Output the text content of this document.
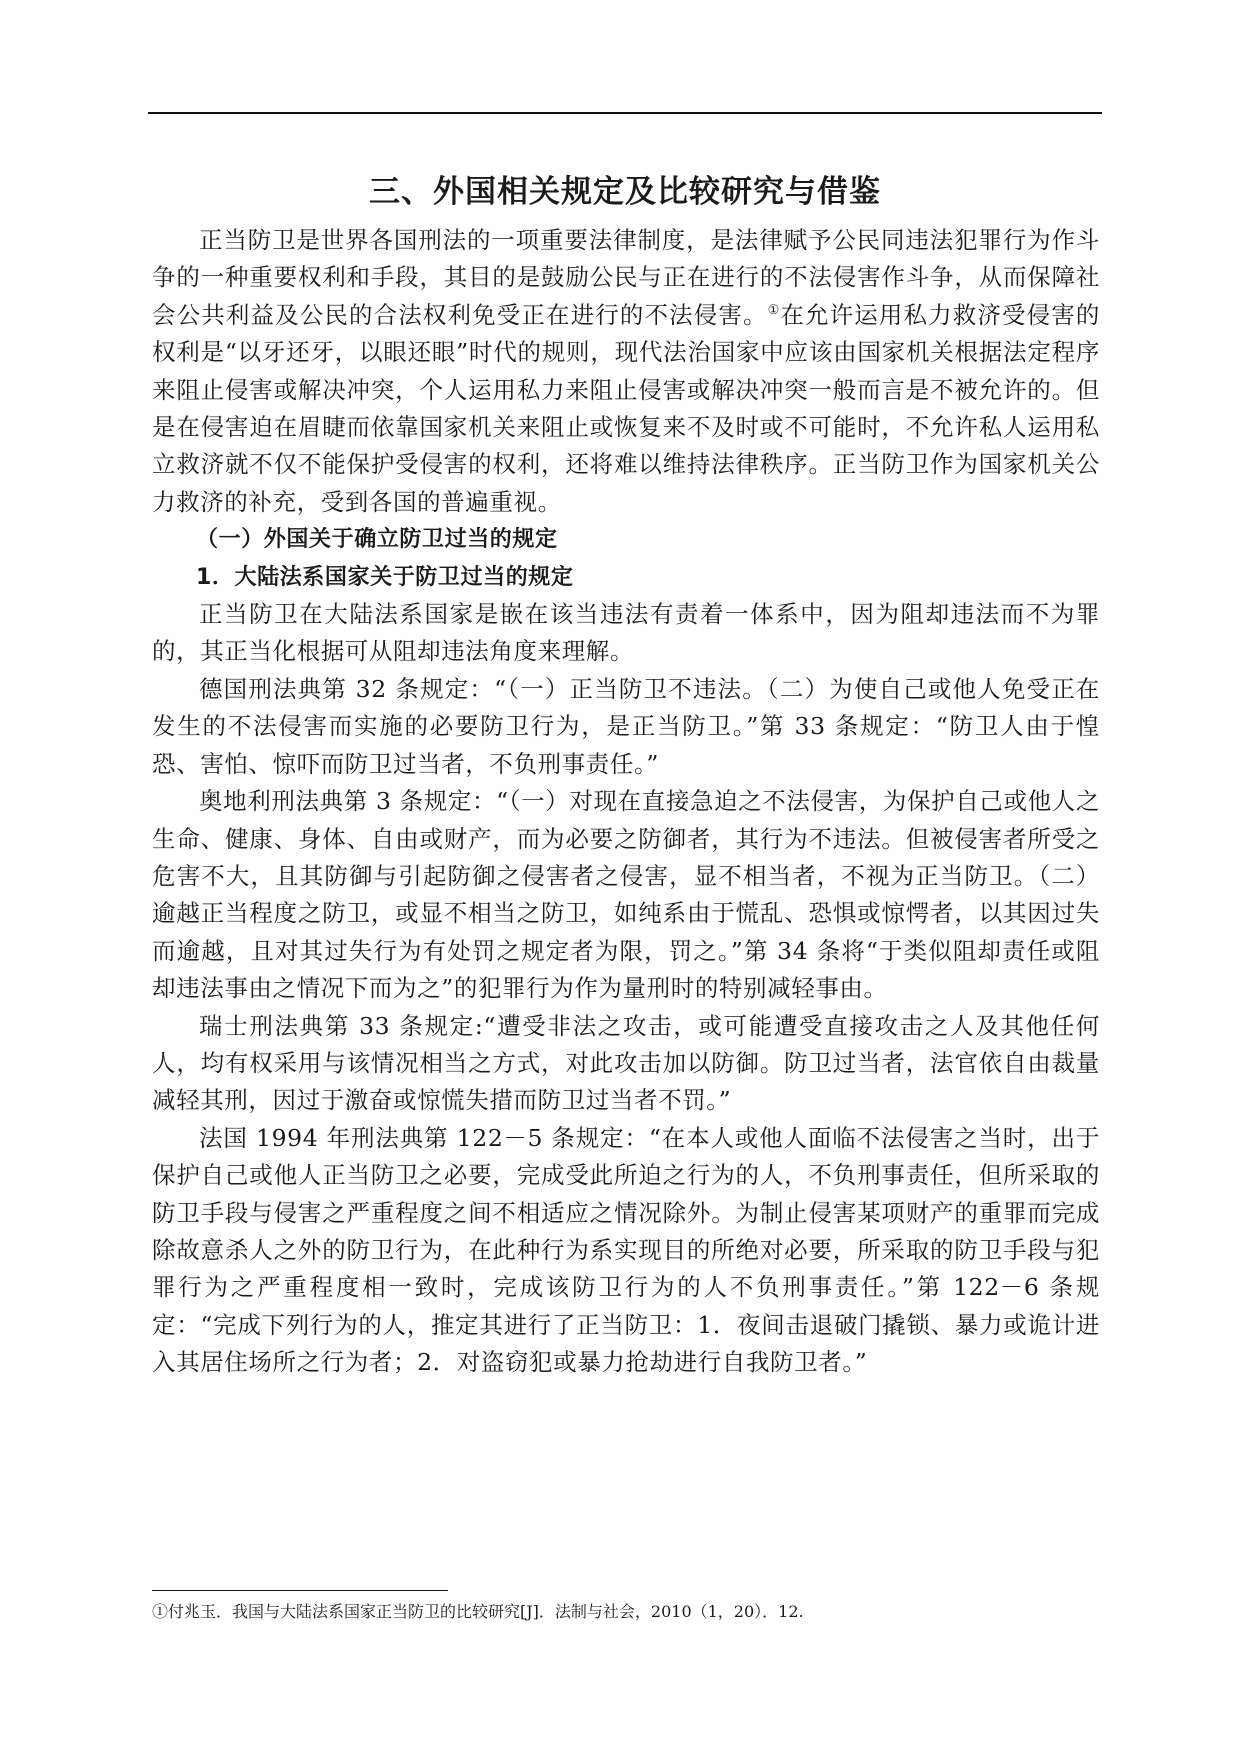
三、外国相关规定及比较研究与借鉴

正当防卫是世界各国刑法的一项重要法律制度，是法律赋予公民同违法犯罪行为作斗争的一种重要权利和手段，其目的是鼓励公民与正在进行的不法侵害作斗争，从而保障社会公共利益及公民的合法权利免受正在进行的不法侵害。①在允许运用私力救济受侵害的权利是“以牙还牙，以眼还眼”时代的规则，现代法治国家中应该由国家机关根据法定程序来阻止侵害或解决冲突，个人运用私力来阻止侵害或解决冲突一般而言是不被允许的。但是在侵害迫在眉睫而依靠国家机关来阻止或恢复来不及时或不可能时，不允许私人运用私立救济就不仅不能保护受侵害的权利，还将难以维持法律秩序。正当防卫作为国家机关公力救济的补充，受到各国的普遍重视。

（一）外国关于确立防卫过当的规定

1．大陆法系国家关于防卫过当的规定

正当防卫在大陆法系国家是嵌在该当违法有责着一体系中，因为阻却违法而不为罪的，其正当化根据可从阻却违法角度来理解。

德国刑法典第 32 条规定：“（一）正当防卫不违法。（二）为使自己或他人免受正在发生的不法侵害而实施的必要防卫行为，是正当防卫。”第 33 条规定：“防卫人由于惶恐、害怕、惊吓而防卫过当者，不负刑事责任。”

奥地利刑法典第 3 条规定：“（一）对现在直接急迫之不法侵害，为保护自己或他人之生命、健康、身体、自由或财产，而为必要之防御者，其行为不违法。但被侵害者所受之危害不大，且其防御与引起防御之侵害者之侵害，显不相当者，不视为正当防卫。（二）逾越正当程度之防卫，或显不相当之防卫，如纯系由于慌乱、恐惧或惊愕者，以其因过失而逾越，且对其过失行为有处罚之规定者为限，罚之。”第 34 条将“于类似阻却责任或阻却违法事由之情况下而为之”的犯罪行为作为量刑时的特别减轻事由。

瑞士刑法典第 33 条规定:“遭受非法之攻击，或可能遭受直接攻击之人及其他任何人，均有权采用与该情况相当之方式，对此攻击加以防御。防卫过当者，法官依自由裁量减轻其刑，因过于激奋或惊慌失措而防卫过当者不罚。”

法国 1994 年刑法典第 122－5 条规定：“在本人或他人面临不法侵害之当时，出于保护自己或他人正当防卫之必要，完成受此所迫之行为的人，不负刑事责任，但所采取的防卫手段与侵害之严重程度之间不相适应之情况除外。为制止侵害某项财产的重罪而完成除故意杀人之外的防卫行为，在此种行为系实现目的所绝对必要，所采取的防卫手段与犯罪行为之严重程度相一致时，完成该防卫行为的人不负刑事责任。”第 122－6 条规定：“完成下列行为的人，推定其进行了正当防卫：1．夜间击退破门撬锁、暴力或诡计进入其居住场所之行为者；2．对盗窃犯或暴力抢劫进行自我防卫者。”

①付兆玉．我国与大陆法系国家正当防卫的比较研究[J]．法制与社会，2010（1，20）．12.
